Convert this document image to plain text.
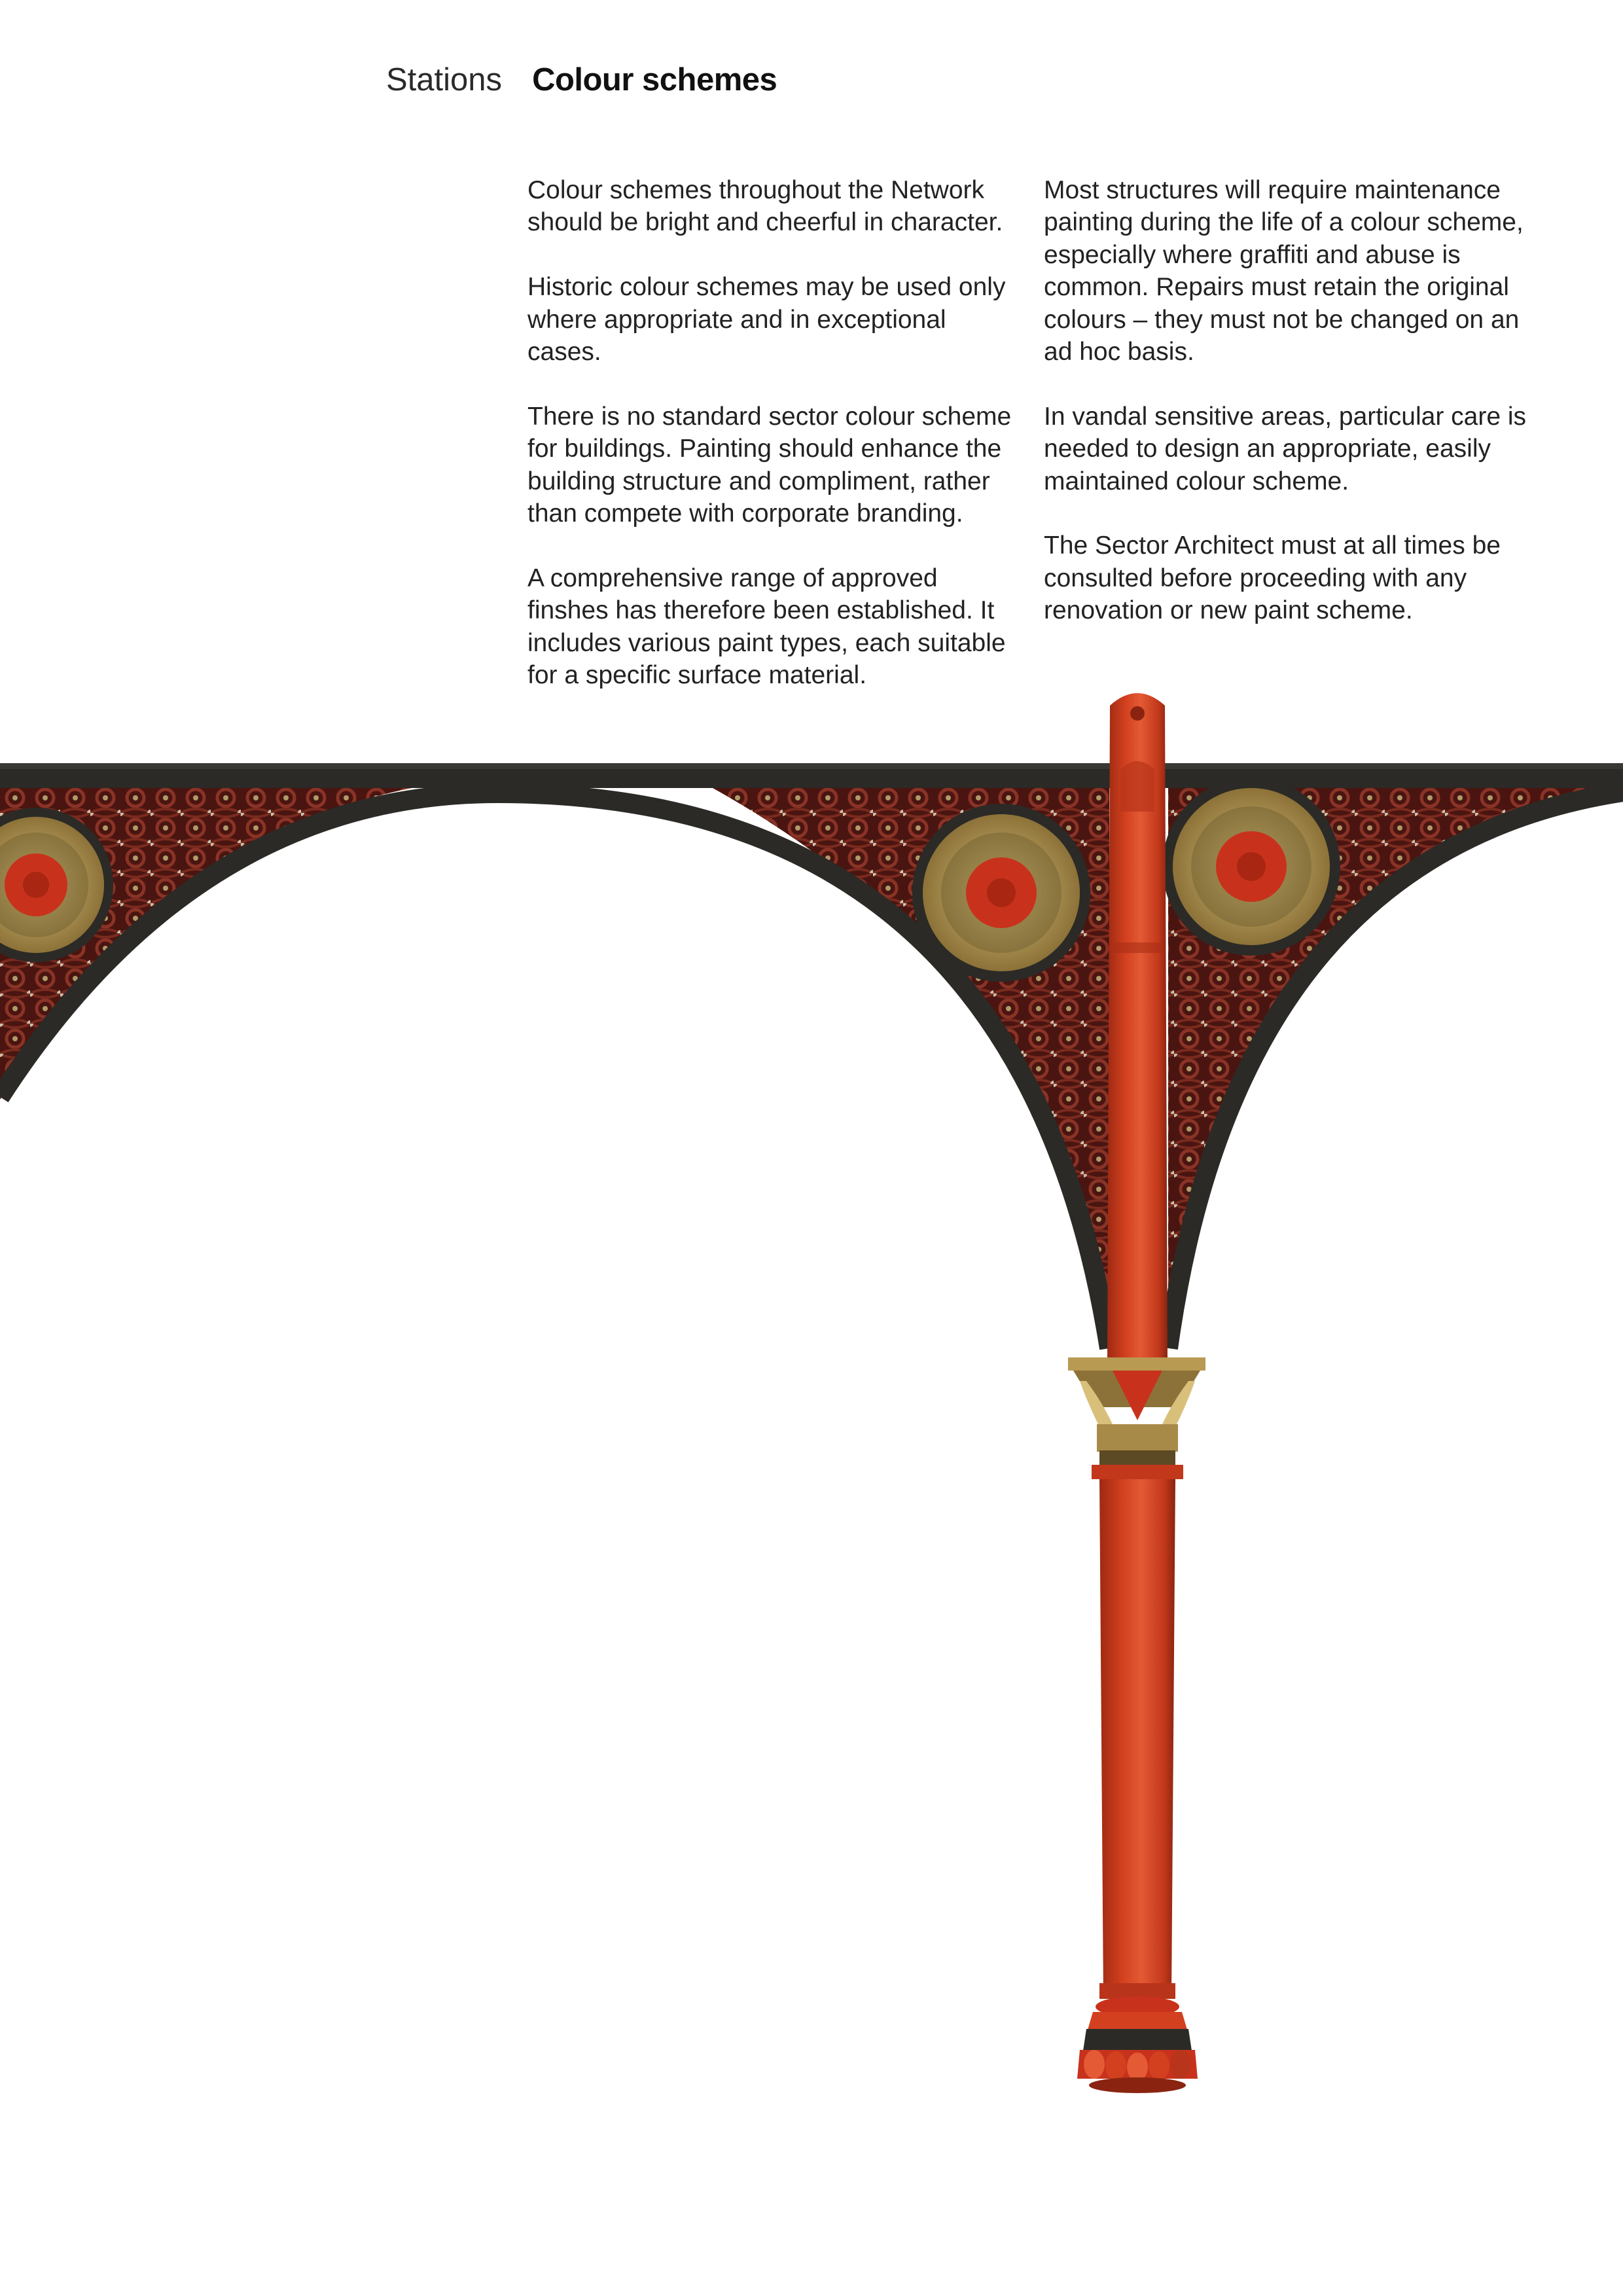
Stations Colour schemes

Colour schemes throughout the Network should be bright and cheerful in character.

Historic colour schemes may be used only where appropriate and in exceptional cases.

There is no standard sector colour scheme for buildings. Painting should enhance the building structure and compliment, rather than compete with corporate branding.

A comprehensive range of approved finshes has therefore been established. It includes various paint types, each suitable for a specific surface material.

Most structures will require maintenance painting during the life of a colour scheme, especially where graffiti and abuse is common. Repairs must retain the original colours – they must not be changed on an ad hoc basis.

In vandal sensitive areas, particular care is needed to design an appropriate, easily maintained colour scheme.

The Sector Architect must at all times be consulted before proceeding with any renovation or new paint scheme.
